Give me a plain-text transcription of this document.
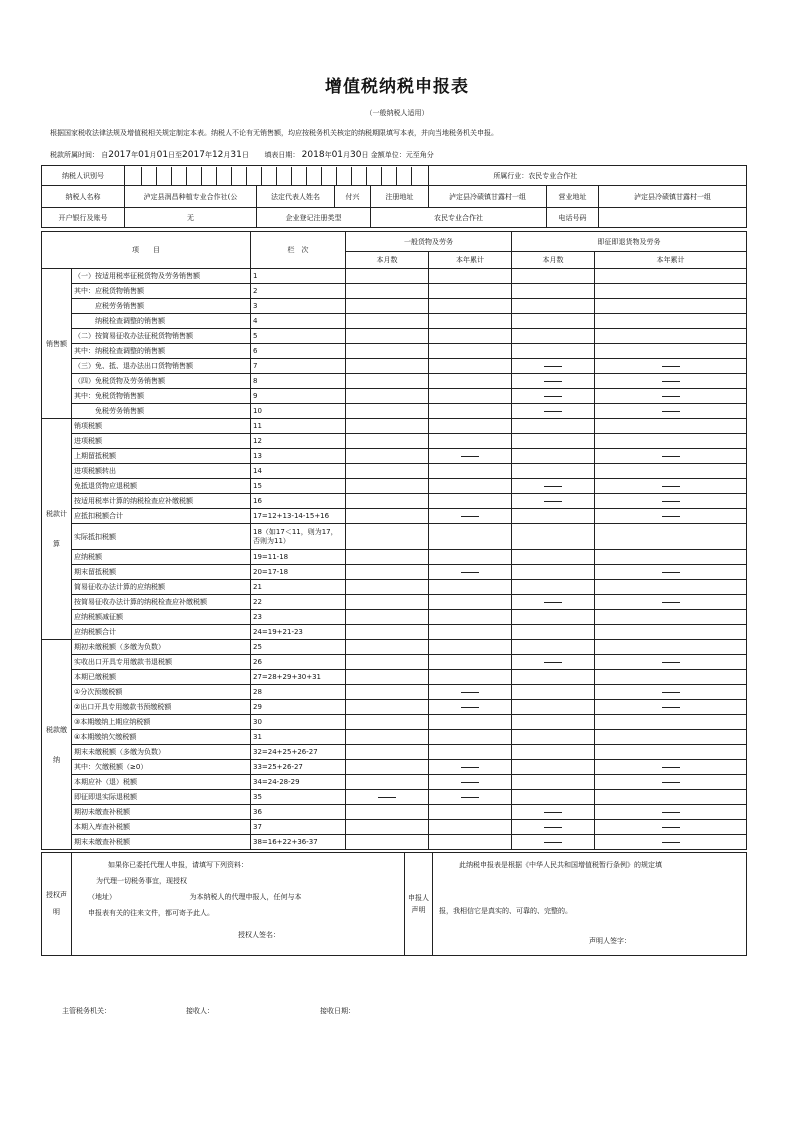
增值税纳税申报表
（一般纳税人适用）
根据国家税收法律法规及增值税相关规定制定本表。纳税人不论有无销售额，均应按税务机关核定的纳税期限填写本表，并向当地税务机关申报。
税款所属时间： 自2017年01月01日至2017年12月31日 填表日期： 2018年01月30日 金额单位：元至角分
纳税人识别号					所属行业：农民专业合作社		
纳税人名称	泸定县润昌种植专业合作社(公	法定代表人姓名	付兴	注册地址	泸定县冷碛镇甘露村一组	营业地址	泸定县冷碛镇甘露村一组
开户银行及账号	无	企业登记注册类型		农民专业合作社		电话号码	
项　　目		栏　次	一般货物及劳务		即征即退货物及劳务	
			本月数	本年累计	本月数	本年累计
销售额	（一）按适用税率征税货物及劳务销售额	1				
	其中：应税货物销售额	2				
	　　　应税劳务销售额	3				
	　　　纳税检查调整的销售额	4				
	（二）按简易征收办法征税货物销售额	5				
	其中：纳税检查调整的销售额	6				
	（三）免、抵、退办法出口货物销售额	7				
	（四）免税货物及劳务销售额	8				
	其中：免税货物销售额	9				
	　　　免税劳务销售额	10				
税款计算	销项税额	11				
	进项税额	12				
	上期留抵税额	13				
	进项税额转出	14				
	免抵退货物应退税额	15				
	按适用税率计算的纳税检查应补缴税额	16				
	应抵扣税额合计	17=12+13-14-15+16				
	实际抵扣税额	18（如17＜11，则为17，否则为11）				
	应纳税额	19=11-18				
	期末留抵税额	20=17-18				
	简易征收办法计算的应纳税额	21				
	按简易征收办法计算的纳税检查应补缴税额	22				
	应纳税额减征额	23				
	应纳税额合计	24=19+21-23				
税款缴纳	期初未缴税额（多缴为负数）	25				
	实收出口开具专用缴款书退税额	26				
	本期已缴税额	27=28+29+30+31				
	①分次预缴税额	28				
	②出口开具专用缴款书预缴税额	29				
	③本期缴纳上期应纳税额	30				
	④本期缴纳欠缴税额	31				
	期末未缴税额（多缴为负数）	32=24+25+26-27				
	其中：欠缴税额（≥0）	33=25+26-27				
	本期应补（退）税额	34=24-28-29				
	即征即退实际退税额	35				
	期初未缴查补税额	36				
	本期入库查补税额	37				
	期末未缴查补税额	38=16+22+36-37				
授权声明	
如果你已委托代理人申报，请填写下列资料：
为代理一切税务事宜，现授权
（地址）　　　　　　　　　　　为本纳税人的代理申报人，任何与本
申报表有关的往来文件，都可寄予此人。
授权人签名：
	申报人声明	
此纳税申报表是根据《中华人民共和国增值税暂行条例》的规定填
报，我相信它是真实的、可靠的、完整的。
声明人签字：
主管税务机关：	接收人：	接收日期：
